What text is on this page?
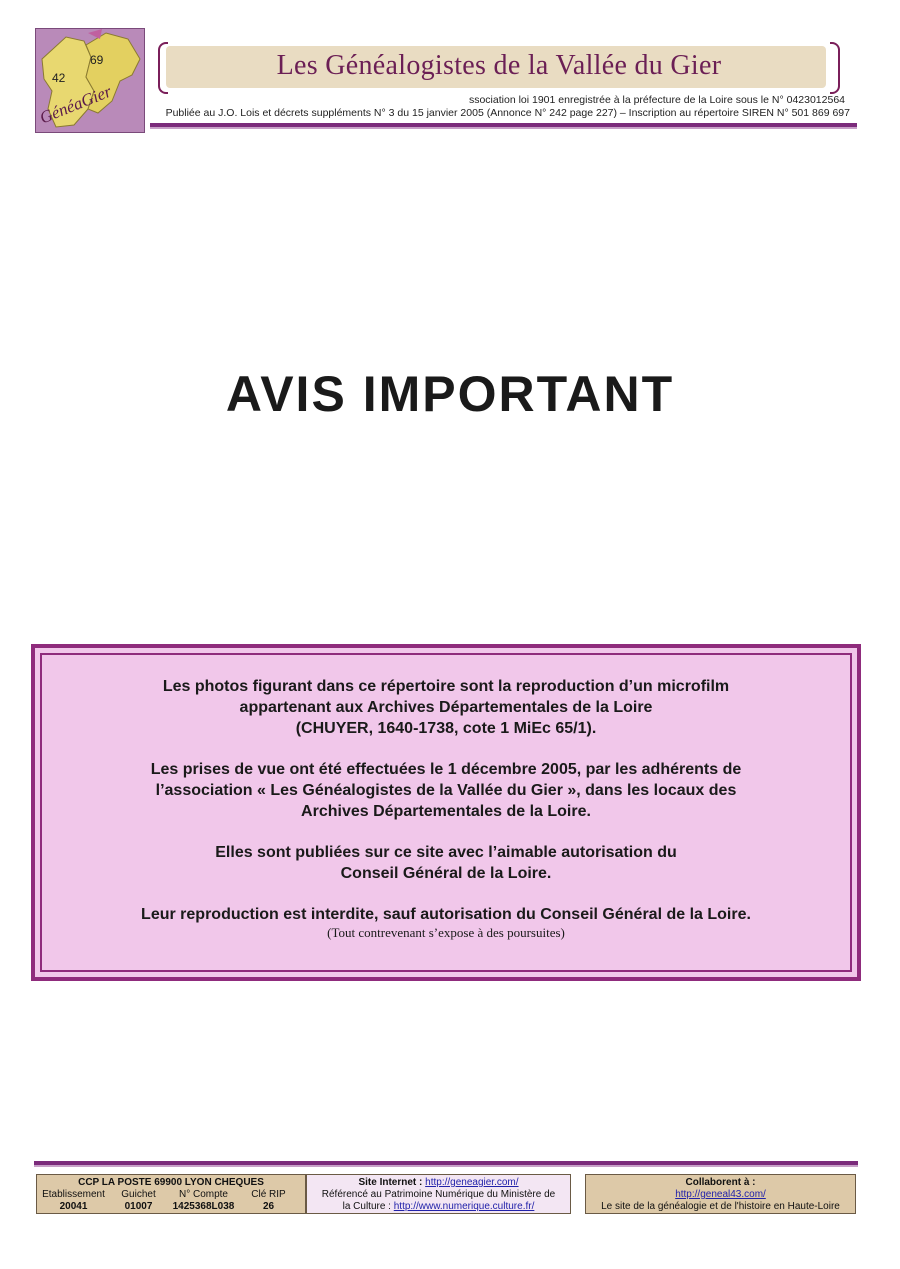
42
69
GénéaGier
Les Généalogistes de la Vallée du Gier
ssociation loi 1901 enregistrée à la préfecture de la Loire sous le N° 0423012564
Publiée au J.O. Lois et décrets suppléments N° 3 du 15 janvier 2005 (Annonce N° 242 page 227) – Inscription au répertoire SIREN N° 501 869 697
AVIS IMPORTANT

Les photos figurant dans ce répertoire sont la reproduction d’un microfilm
appartenant aux Archives Départementales de la Loire
(CHUYER, 1640-1738, cote 1 MiEc 65/1).

Les prises de vue ont été effectuées le 1 décembre 2005, par les adhérents de
l’association « Les Généalogistes de la Vallée du Gier », dans les locaux des
Archives Départementales de la Loire.

Elles sont publiées sur ce site avec l’aimable autorisation du
Conseil Général de la Loire.

Leur reproduction est interdite, sauf autorisation du Conseil Général de la Loire.
(Tout contrevenant s’expose à des poursuites)

CCP LA POSTE 69900 LYON CHEQUES
Etablissement	Guichet	N° Compte	Clé RIP
20041	01007	1425368L038	26
Site Internet : http://geneagier.com/
Référencé au Patrimoine Numérique du Ministère de
la Culture : http://www.numerique.culture.fr/
Collaborent à :
http://geneal43.com/
Le site de la généalogie et de l'histoire en Haute-Loire
